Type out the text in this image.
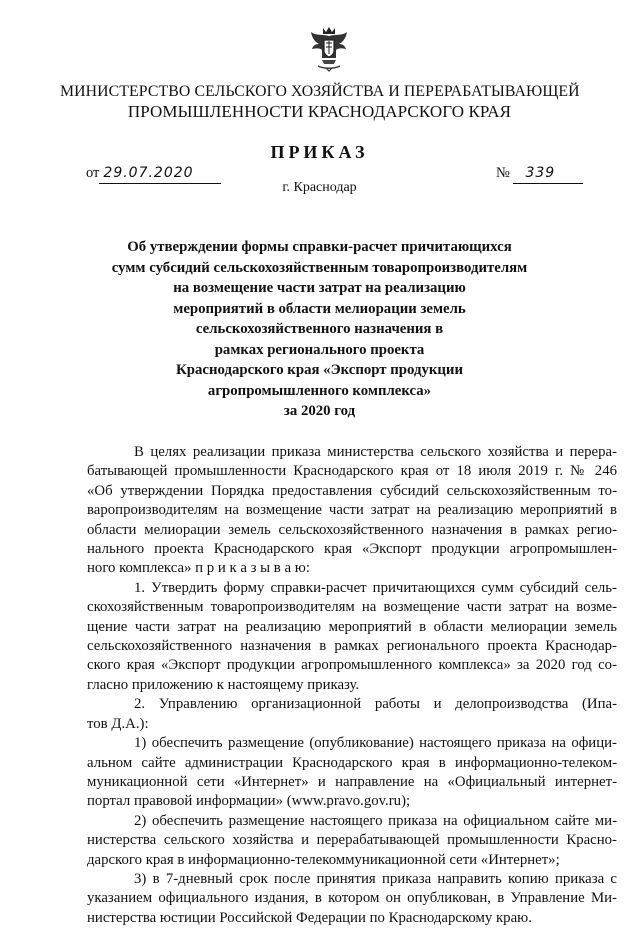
МИНИСТЕРСТВО СЕЛЬСКОГО ХОЗЯЙСТВА И ПЕРЕРАБАТЫВАЮЩЕЙ
ПРОМЫШЛЕННОСТИ КРАСНОДАРСКОГО КРАЯ
ПРИКАЗ
от 29.07.2020	№ 339
г. Краснодар
Об утверждении формы справки-расчет причитающихся
сумм субсидий сельскохозяйственным товаропроизводителям
на возмещение части затрат на реализацию
мероприятий в области мелиорации земель
сельскохозяйственного назначения в
рамках регионального проекта
Краснодарского края «Экспорт продукции
агропромышленного комплекса»
за 2020 год
В целях реализации приказа министерства сельского хозяйства и перера-
батывающей промышленности Краснодарского края от 18 июля 2019 г. № 246
«Об утверждении Порядка предоставления субсидий сельскохозяйственным то-
варопроизводителям на возмещение части затрат на реализацию мероприятий в
области мелиорации земель сельскохозяйственного назначения в рамках регио-
нального проекта Краснодарского края «Экспорт продукции агропромышлен-
ного комплекса» п р и к а з ы в а ю:
1. Утвердить форму справки-расчет причитающихся сумм субсидий сель-
скохозяйственным товаропроизводителям на возмещение части затрат на возме-
щение части затрат на реализацию мероприятий в области мелиорации земель
сельскохозяйственного назначения в рамках регионального проекта Краснодар-
ского края «Экспорт продукции агропромышленного комплекса» за 2020 год со-
гласно приложению к настоящему приказу.
2. Управлению организационной работы и делопроизводства (Ипа-
тов Д.А.):
1) обеспечить размещение (опубликование) настоящего приказа на офици-
альном сайте администрации Краснодарского края в информационно-телеком-
муникационной сети «Интернет» и направление на «Официальный интернет-
портал правовой информации» (www.pravo.gov.ru);
2) обеспечить размещение настоящего приказа на официальном сайте ми-
нистерства сельского хозяйства и перерабатывающей промышленности Красно-
дарского края в информационно-телекоммуникационной сети «Интернет»;
3) в 7-дневный срок после принятия приказа направить копию приказа с
указанием официального издания, в котором он опубликован, в Управление Ми-
нистерства юстиции Российской Федерации по Краснодарскому краю.
